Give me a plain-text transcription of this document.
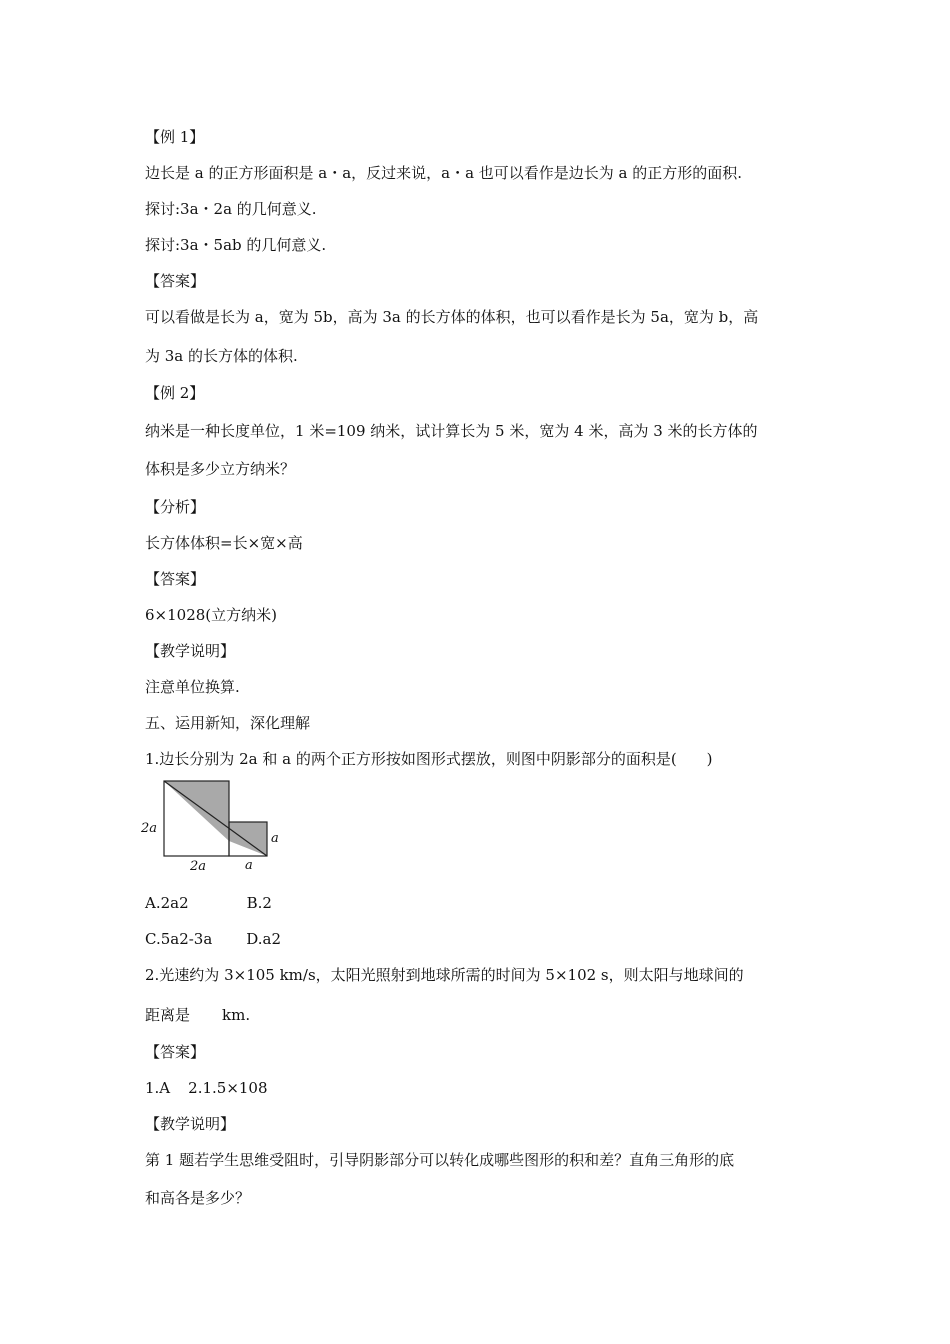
【例 1】
边长是 a 的正方形面积是 a・a，反过来说，a・a 也可以看作是边长为 a 的正方形的面积.
探讨:3a・2a 的几何意义.
探讨:3a・5ab 的几何意义.
【答案】
可以看做是长为 a，宽为 5b，高为 3a 的长方体的体积，也可以看作是长为 5a，宽为 b，高
为 3a 的长方体的体积.
【例 2】
纳米是一种长度单位，1 米=109 纳米，试计算长为 5 米，宽为 4 米，高为 3 米的长方体的
体积是多少立方纳米？
【分析】
长方体体积=长×宽×高
【答案】
6×1028(立方纳米)
【教学说明】
注意单位换算.
五、运用新知，深化理解
1.边长分别为 2a 和 a 的两个正方形按如图形式摆放，则图中阴影部分的面积是(　　)
2a
a
2a	a
A.2a2	B.2
C.5a2-3a D.a2
2.光速约为 3×105 km/s，太阳光照射到地球所需的时间为 5×102 s，则太阳与地球间的
距离是 km.
【答案】
1.A 2.1.5×108
【教学说明】
第 1 题若学生思维受阻时，引导阴影部分可以转化成哪些图形的积和差？直角三角形的底
和高各是多少？
